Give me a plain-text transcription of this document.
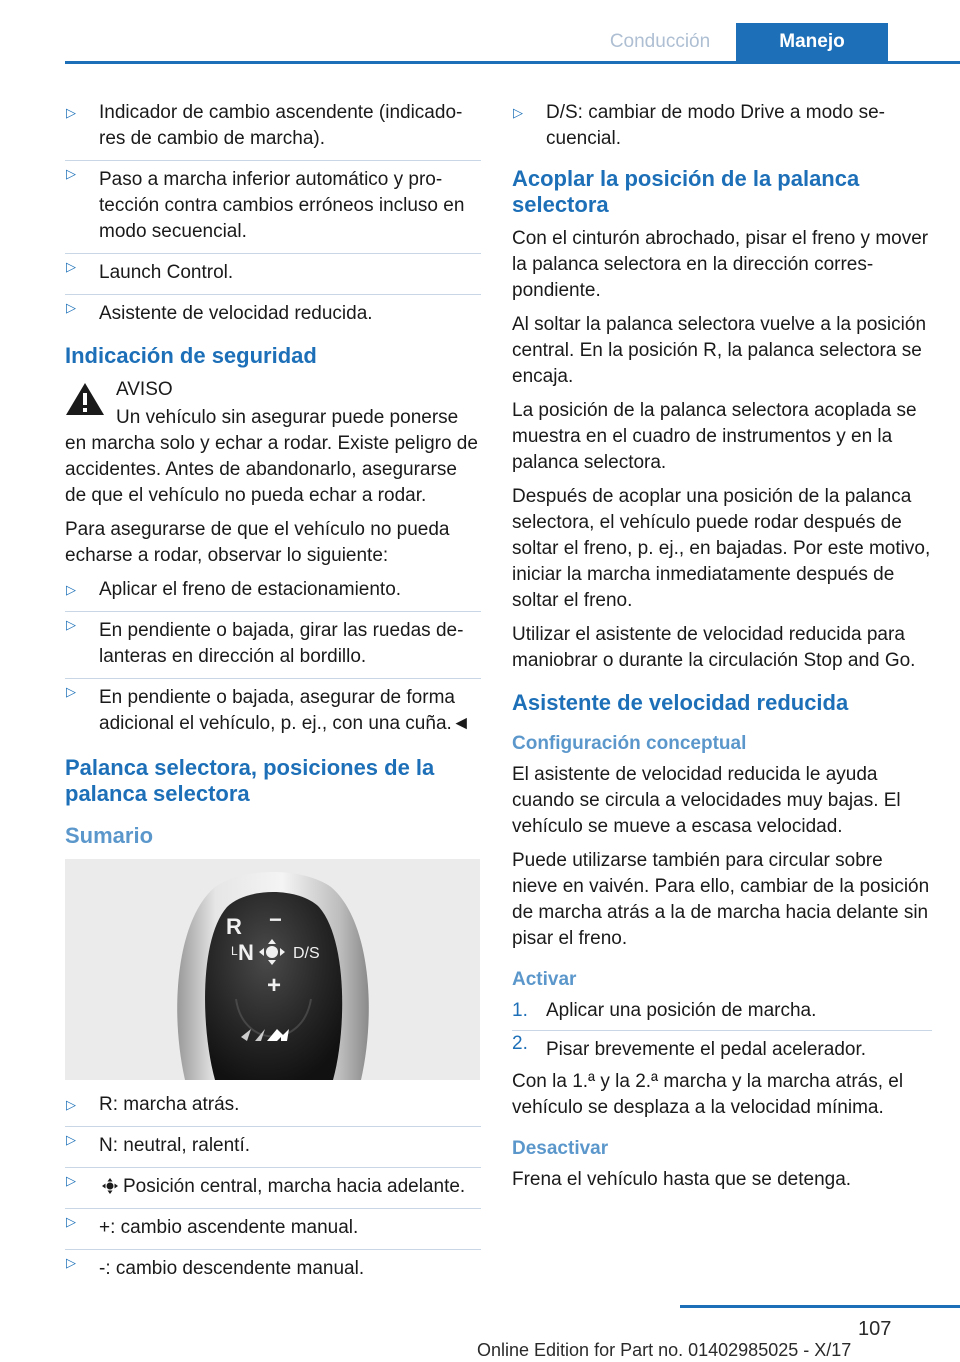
Conducción	Manejo
▷ Indicador de cambio ascendente (indicadores de cambio de marcha).
▷ Paso a marcha inferior automático y protección contra cambios erróneos incluso en modo secuencial.
▷ Launch Control.
▷ Asistente de velocidad reducida.
Indicación de seguridad
AVISO

Un vehículo sin asegurar puede ponerse en marcha solo y echar a rodar. Existe peligro de accidentes. Antes de abandonarlo, asegurarse de que el vehículo no pueda echar a rodar.

Para asegurarse de que el vehículo no pueda echarse a rodar, observar lo siguiente:

▷ Aplicar el freno de estacionamiento.
▷ En pendiente o bajada, girar las ruedas delanteras en dirección al bordillo.
▷ En pendiente o bajada, asegurar de forma adicional el vehículo, p. ej., con una cuña.◄
Palanca selectora, posiciones de la palanca selectora
Sumario
R −
L N D/S
+
▷ R: marcha atrás.
▷ N: neutral, ralentí.
▷ Posición central, marcha hacia adelante.
▷ +: cambio ascendente manual.
▷ -: cambio descendente manual.
▷ D/S: cambiar de modo Drive a modo secuencial.
Acoplar la posición de la palanca selectora

Con el cinturón abrochado, pisar el freno y mover la palanca selectora en la dirección correspondiente.

Al soltar la palanca selectora vuelve a la posición central. En la posición R, la palanca selectora se encaja.

La posición de la palanca selectora acoplada se muestra en el cuadro de instrumentos y en la palanca selectora.

Después de acoplar una posición de la palanca selectora, el vehículo puede rodar después de soltar el freno, p. ej., en bajadas. Por este motivo, iniciar la marcha inmediatamente después de soltar el freno.

Utilizar el asistente de velocidad reducida para maniobrar o durante la circulación Stop and Go.

Asistente de velocidad reducida
Configuración conceptual

El asistente de velocidad reducida le ayuda cuando se circula a velocidades muy bajas. El vehículo se mueve a escasa velocidad.

Puede utilizarse también para circular sobre nieve en vaivén. Para ello, cambiar de la posición de marcha atrás a la de marcha hacia delante sin pisar el freno.

Activar
1. Aplicar una posición de marcha.
2. Pisar brevemente el pedal acelerador.

Con la 1.ª y la 2.ª marcha y la marcha atrás, el vehículo se desplaza a la velocidad mínima.

Desactivar

Frena el vehículo hasta que se detenga.

107
Online Edition for Part no. 01402985025 - X/17
